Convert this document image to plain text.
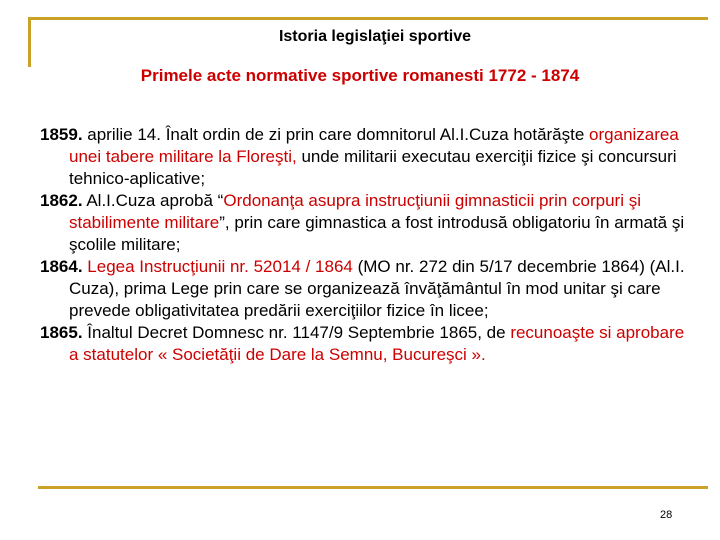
Istoria legislaţiei sportive
Primele acte normative sportive romanesti 1772 - 1874
1859. aprilie 14. Înalt ordin de zi prin care domnitorul Al.I.Cuza hotărăşte organizarea unei tabere militare la Floreşti, unde militarii executau exerciţii fizice şi concursuri tehnico-aplicative;
1862. Al.I.Cuza aprobă “Ordonanţa asupra instrucţiunii gimnasticii prin corpuri şi stabilimente militare”, prin care gimnastica a fost introdusă obligatoriu în armată şi şcolile militare;
1864. Legea Instrucţiunii nr. 52014 / 1864 (MO nr. 272 din 5/17 decembrie 1864) (Al.I. Cuza), prima Lege prin care se organizează învăţământul în mod unitar şi care prevede obligativitatea predării exerciţiilor fizice în licee;
1865. Înaltul Decret Domnesc nr. 1147/9 Septembrie 1865, de recunoaşte si aprobare a statutelor « Societăţii de Dare la Semnu, Bucureşci ».
28
